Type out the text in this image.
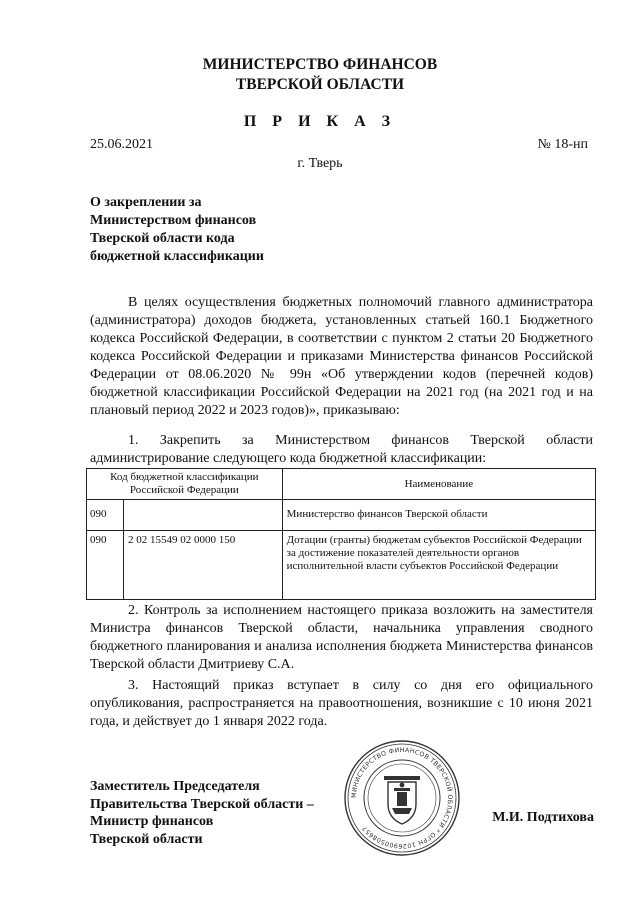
МИНИСТЕРСТВО ФИНАНСОВ
ТВЕРСКОЙ ОБЛАСТИ
П Р И К А З
25.06.2021	№ 18-нп
г. Тверь
О закреплении за
Министерством финансов
Тверской области кода
бюджетной классификации
В целях осуществления бюджетных полномочий главного администратора (администратора) доходов бюджета, установленных статьей 160.1 Бюджетного кодекса Российской Федерации, в соответствии с пунктом 2 статьи 20 Бюджетного кодекса Российской Федерации и приказами Министерства финансов Российской Федерации от 08.06.2020 № 99н «Об утверждении кодов (перечней кодов) бюджетной классификации Российской Федерации на 2021 год (на 2021 год и на плановый период 2022 и 2023 годов)», приказываю:
1. Закрепить за Министерством финансов Тверской области администрирование следующего кода бюджетной классификации:
Код бюджетной классификации Российской Федерации	Наименование

090	Министерство финансов Тверской области

090 2 02 15549 02 0000 150	Дотации (гранты) бюджетам субъектов Российской Федерации за достижение показателей деятельности органов исполнительной власти субъектов Российской Федерации
2. Контроль за исполнением настоящего приказа возложить на заместителя Министра финансов Тверской области, начальника управления сводного бюджетного планирования и анализа исполнения бюджета Министерства финансов Тверской области Дмитриеву С.А.
3. Настоящий приказ вступает в силу со дня его официального опубликования, распространяется на правоотношения, возникшие с 10 июня 2021 года, и действует до 1 января 2022 года.
Заместитель Председателя
Правительства Тверской области –
Министр финансов
Тверской области
МИНИСТЕРСТВО ФИНАНСОВ ТВЕРСКОЙ ОБЛАСТИ * ОГРН 1026900508657
М.И. Подтихова
